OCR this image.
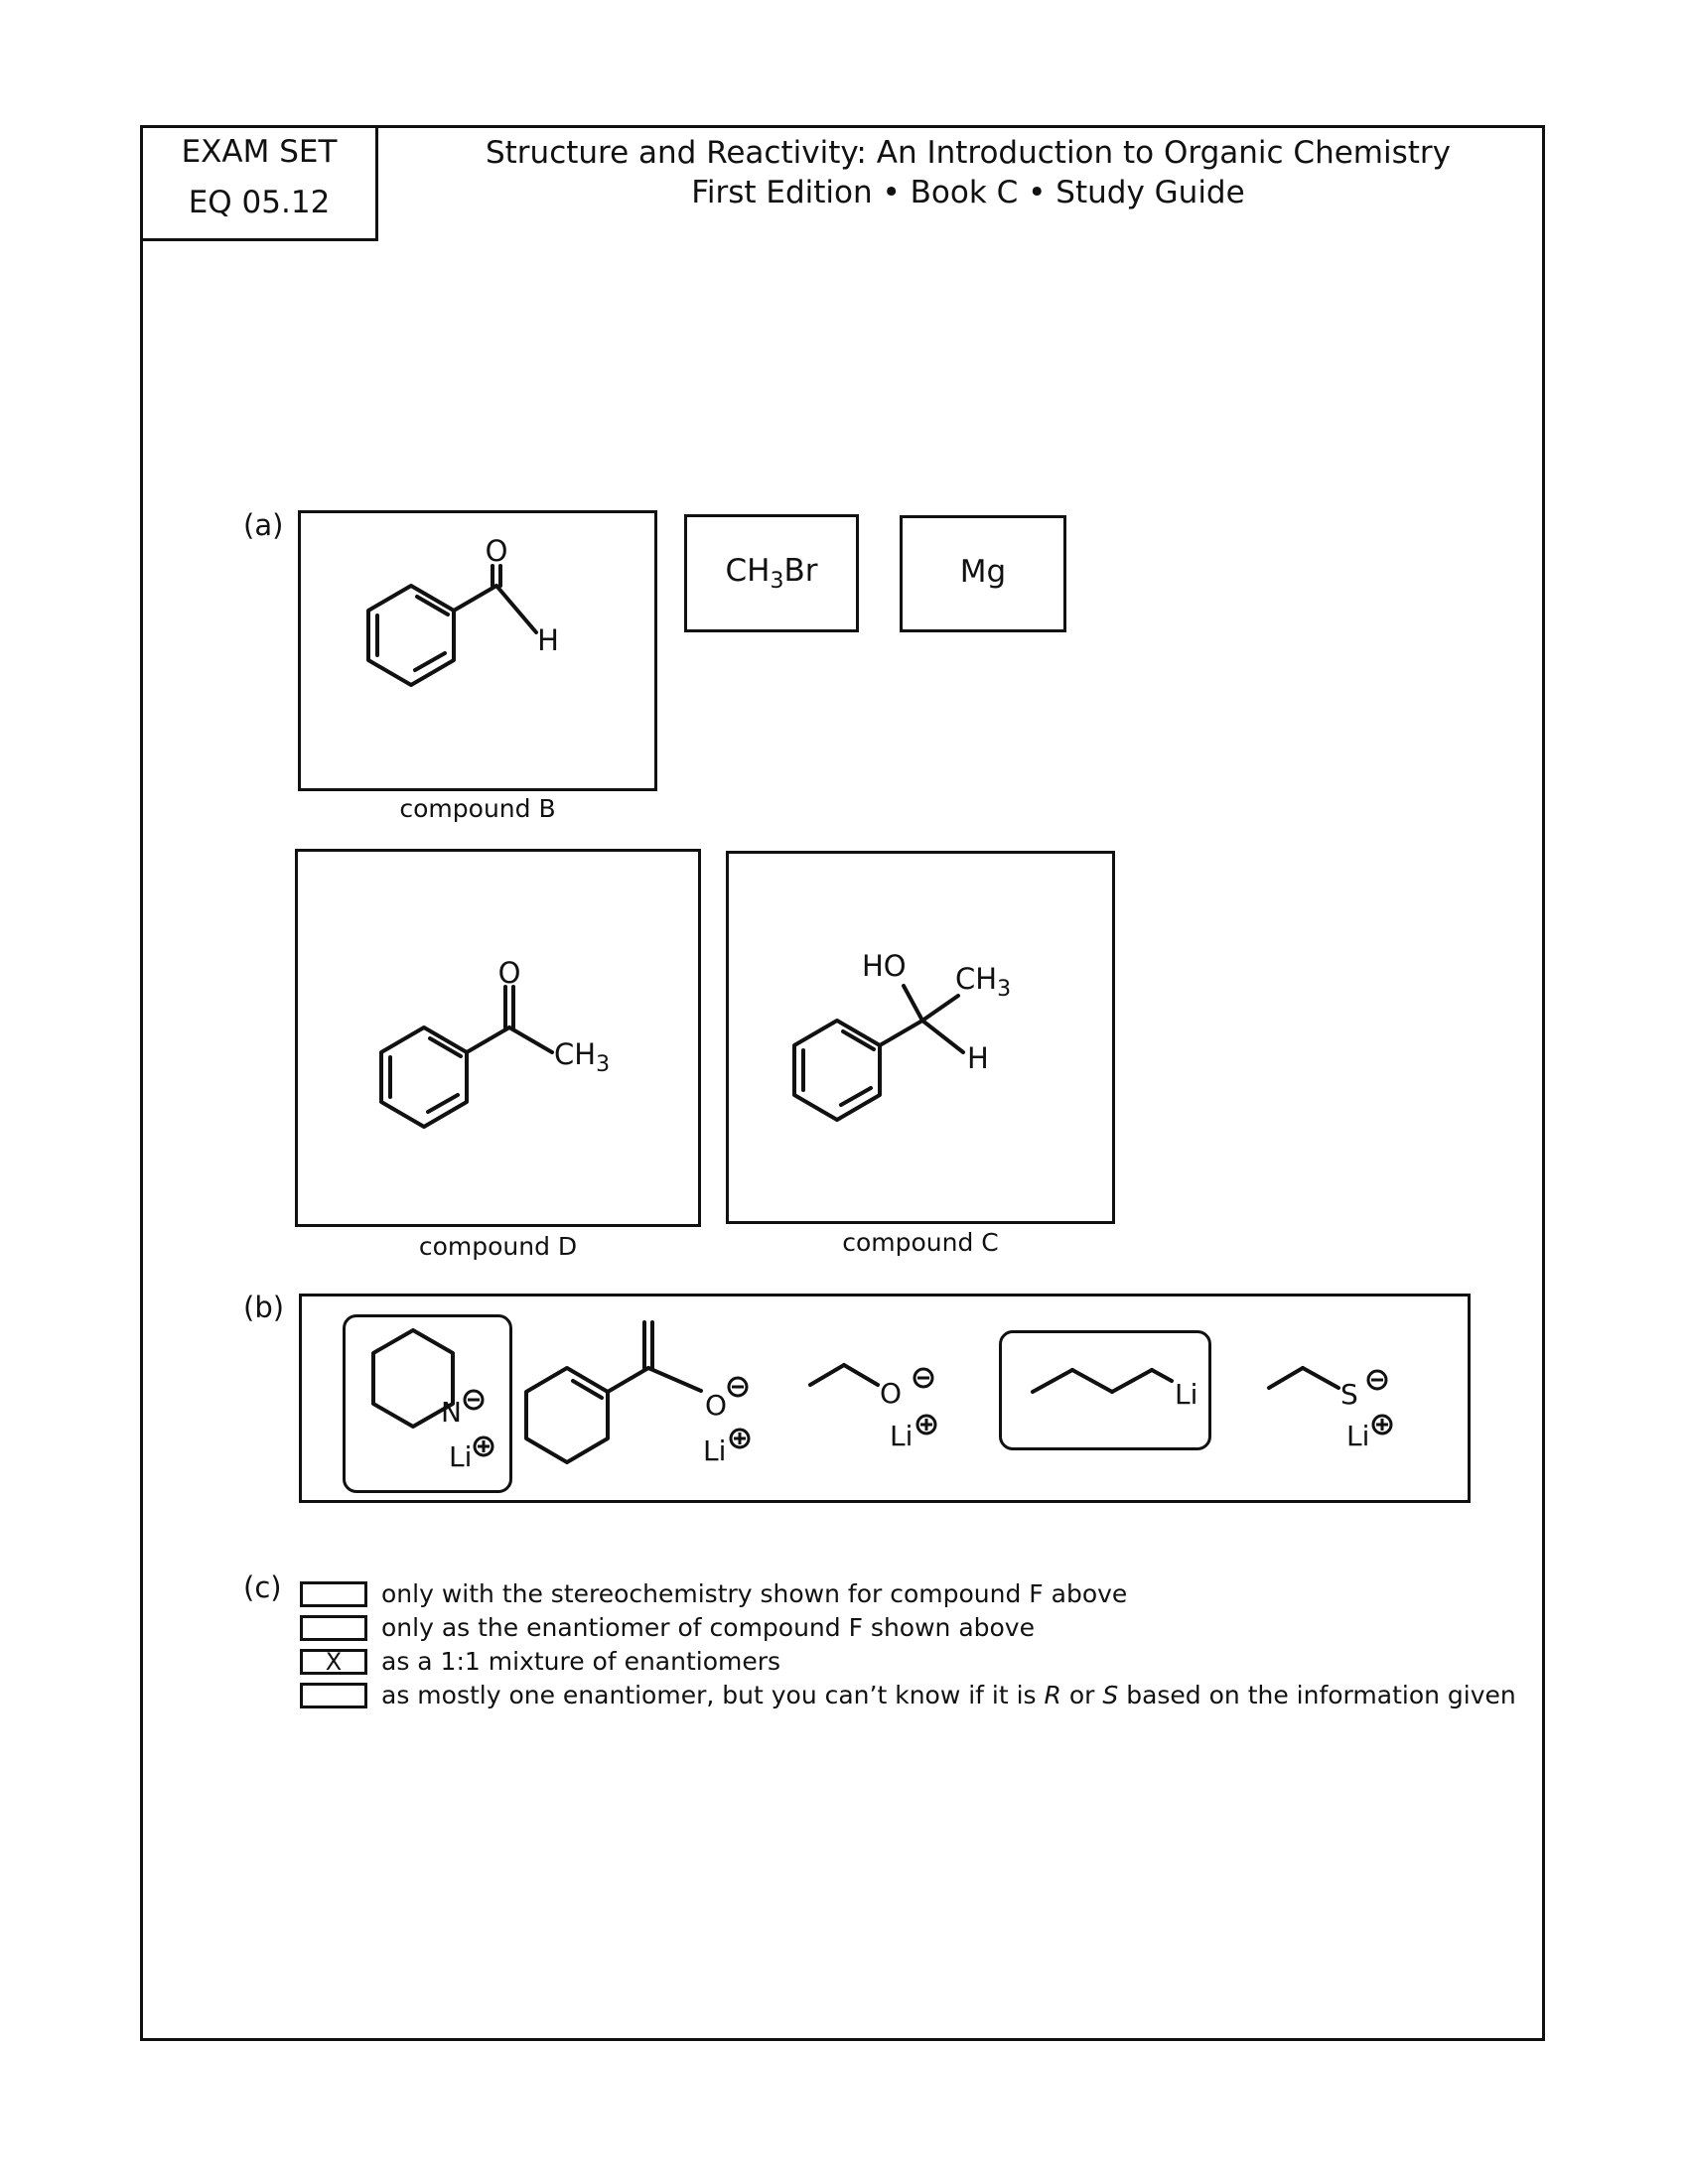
EXAM SET
EQ 05.12
Structure and Reactivity: An Introduction to Organic Chemistry
First Edition • Book C • Study Guide
(a)
compound B
$CH_3Br$	Mg
compound D	compound C
(b)
O
H
O
$CH_3$
HO $CH_3$
H
N
Li
O
Li
O
Li
Li	S
Li
(c)	only with the stereochemistry shown for compound F above
only as the enantiomer of compound F shown above
X	as a 1:1 mixture of enantiomers
as mostly one enantiomer, but you can’t know if it is R or S based on the information given
